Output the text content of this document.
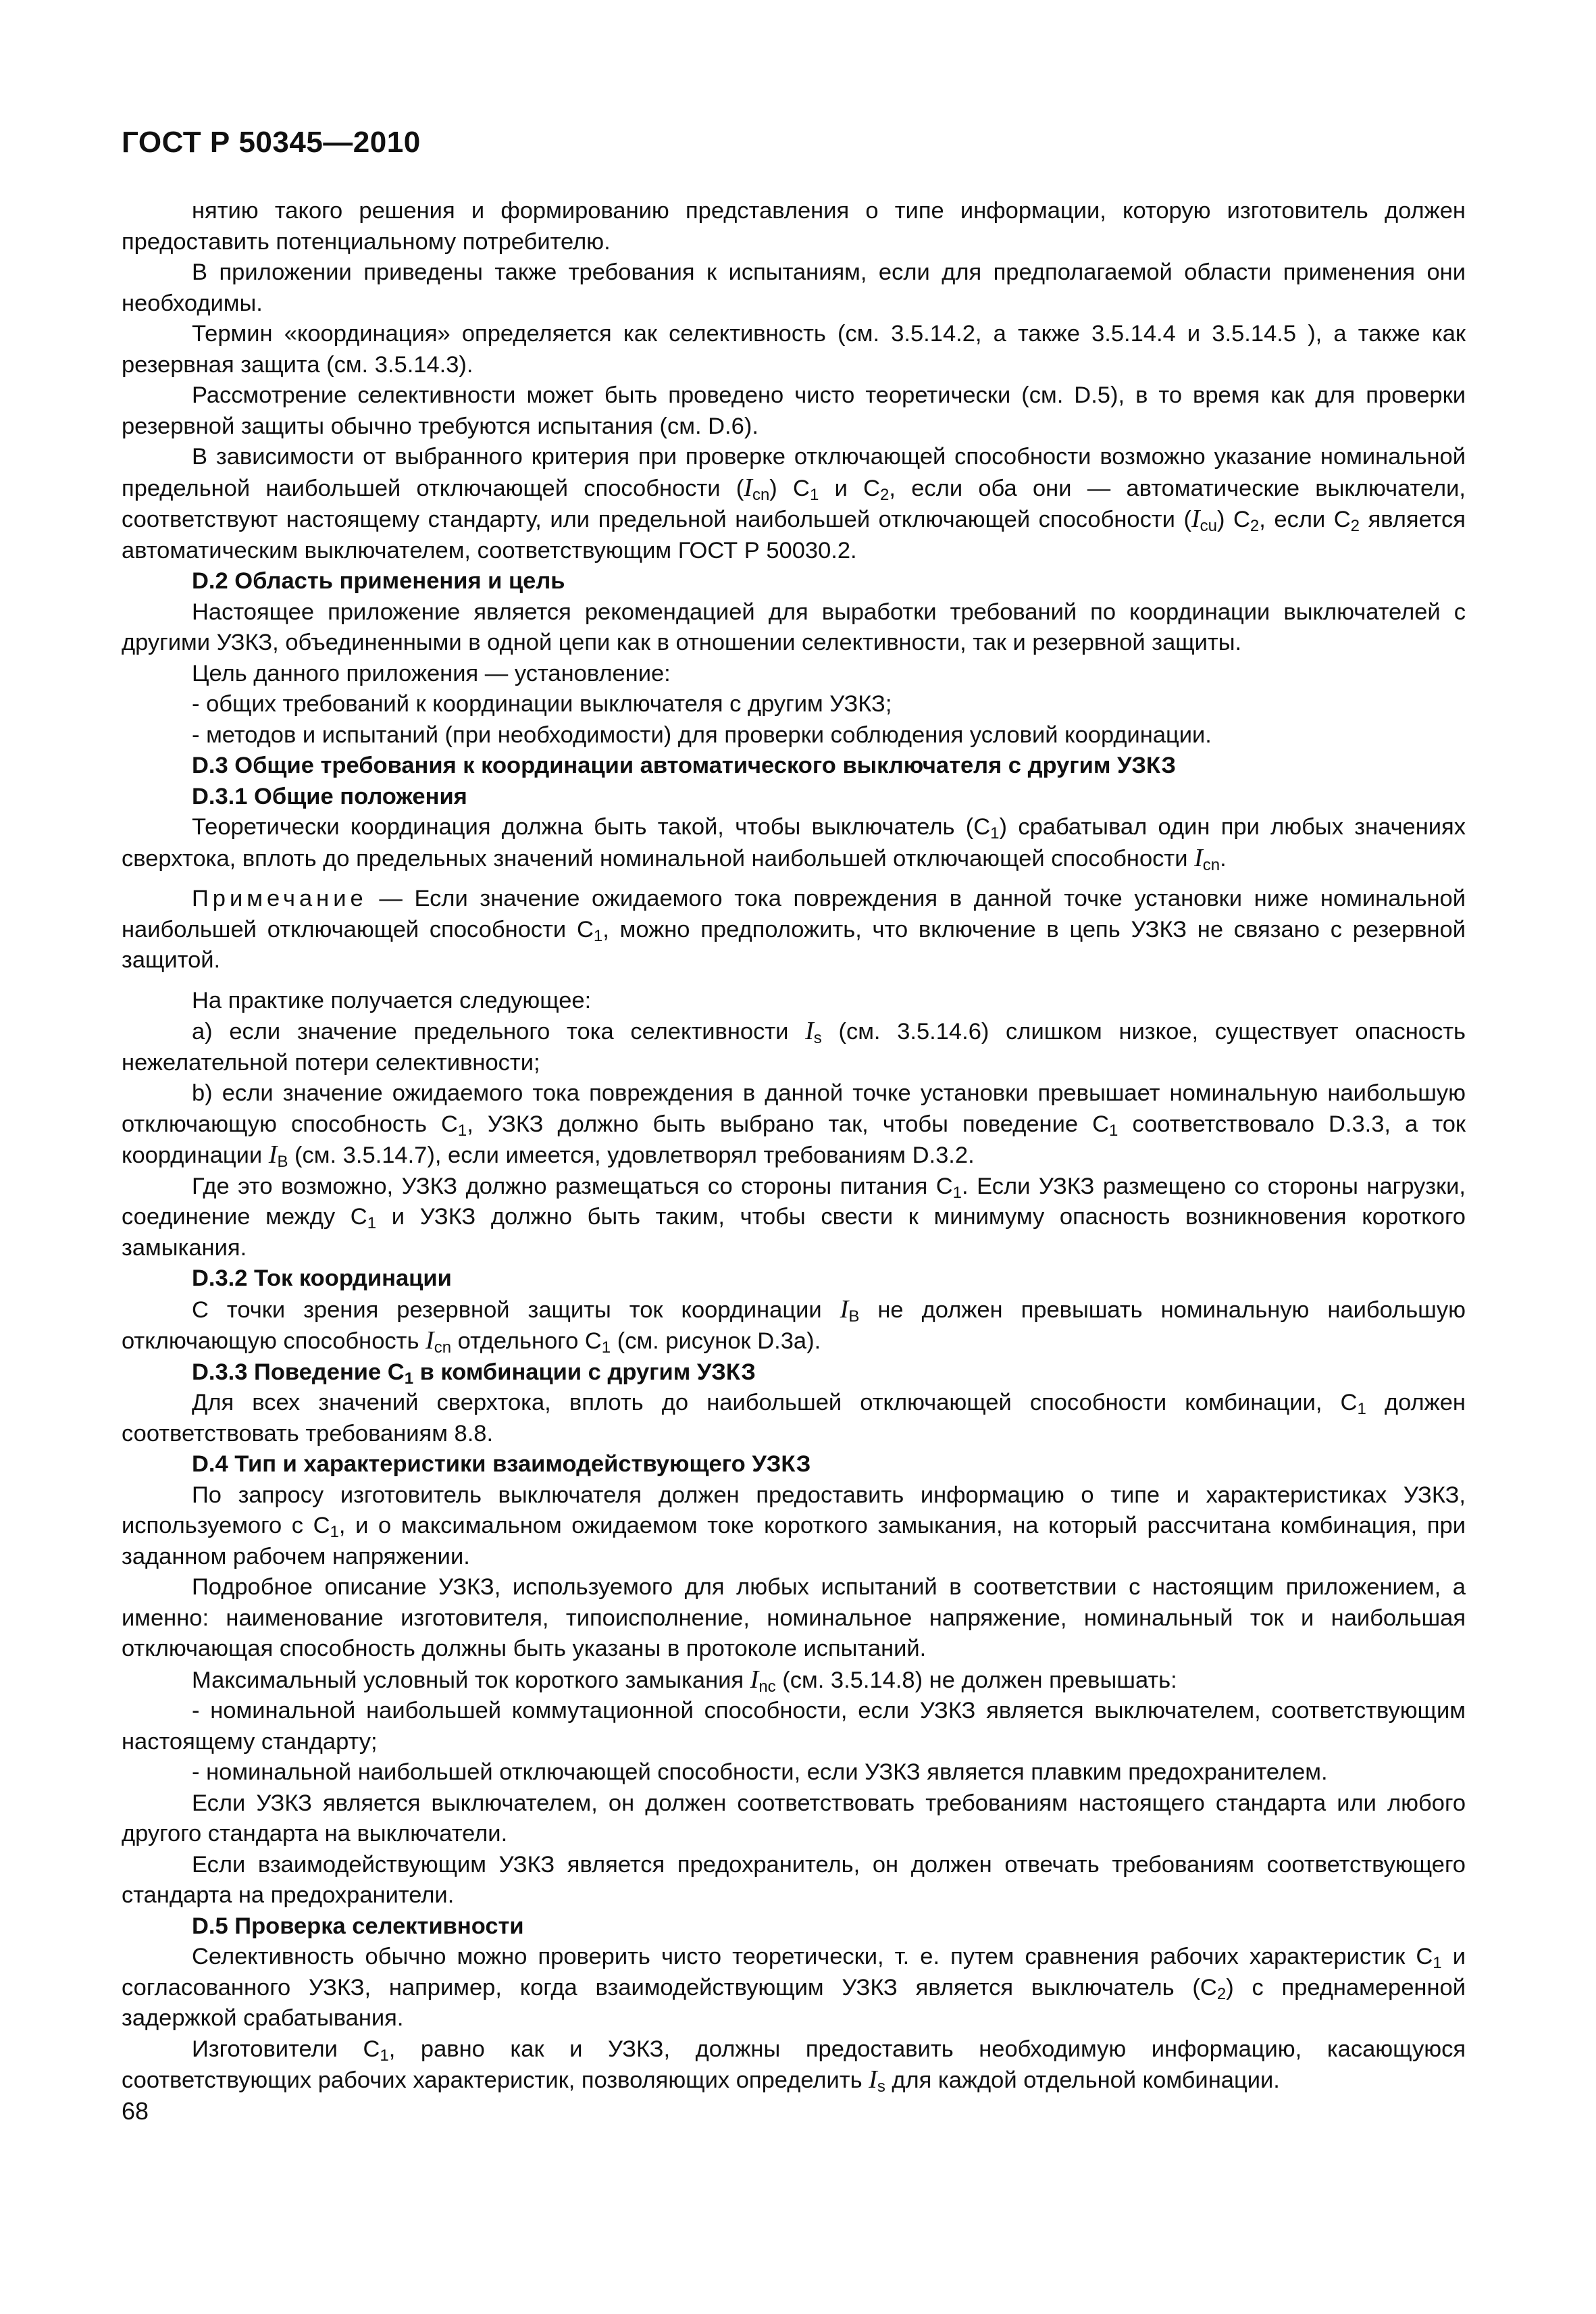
ГОСТ Р 50345—2010

нятию такого решения и формированию представления о типе информации, которую изготовитель должен предоставить потенциальному потребителю.

В приложении приведены также требования к испытаниям, если для предполагаемой области применения они необходимы.

Термин «координация» определяется как селективность (см. 3.5.14.2, а также 3.5.14.4 и 3.5.14.5 ), а также как резервная защита (см. 3.5.14.3).

Рассмотрение селективности может быть проведено чисто теоретически (см. D.5), в то время как для проверки резервной защиты обычно требуются испытания (см. D.6).

В зависимости от выбранного критерия при проверке отключающей способности возможно указание номинальной предельной наибольшей отключающей способности $(I_{cn})$ $C_1$ и $C_2$, если оба они — автоматические выключатели, соответствуют настоящему стандарту, или предельной наибольшей отключающей способности $(I_{cu})$ $C_2$, если $C_2$ является автоматическим выключателем, соответствующим ГОСТ Р 50030.2.

D.2 Область применения и цель

Настоящее приложение является рекомендацией для выработки требований по координации выключателей с другими УЗКЗ, объединенными в одной цепи как в отношении селективности, так и резервной защиты.

Цель данного приложения — установление:

- общих требований к координации выключателя с другим УЗКЗ;

- методов и испытаний (при необходимости) для проверки соблюдения условий координации.

D.3 Общие требования к координации автоматического выключателя с другим УЗКЗ
D.3.1 Общие положения

Теоретически координация должна быть такой, чтобы выключатель $(C_1)$ срабатывал один при любых значениях сверхтока, вплоть до предельных значений номинальной наибольшей отключающей способности $I_{cn}$.

Примечание — Если значение ожидаемого тока повреждения в данной точке установки ниже номинальной наибольшей отключающей способности $C_1$, можно предположить, что включение в цепь УЗКЗ не связано с резервной защитой.

На практике получается следующее:

а) если значение предельного тока селективности $I_s$ (см. 3.5.14.6) слишком низкое, существует опасность нежелательной потери селективности;

b) если значение ожидаемого тока повреждения в данной точке установки превышает номинальную наибольшую отключающую способность $C_1$, УЗКЗ должно быть выбрано так, чтобы поведение $C_1$ соответствовало D.3.3, а ток координации $I_B$ (см. 3.5.14.7), если имеется, удовлетворял требованиям D.3.2.

Где это возможно, УЗКЗ должно размещаться со стороны питания $C_1$. Если УЗКЗ размещено со стороны нагрузки, соединение между $C_1$ и УЗКЗ должно быть таким, чтобы свести к минимуму опасность возникновения короткого замыкания.

D.3.2 Ток координации

С точки зрения резервной защиты ток координации $I_B$ не должен превышать номинальную наибольшую отключающую способность $I_{cn}$ отдельного $C_1$ (см. рисунок D.3a).

D.3.3 Поведение $C_1$ в комбинации с другим УЗКЗ

Для всех значений сверхтока, вплоть до наибольшей отключающей способности комбинации, $C_1$ должен соответствовать требованиям 8.8.

D.4 Тип и характеристики взаимодействующего УЗКЗ

По запросу изготовитель выключателя должен предоставить информацию о типе и характеристиках УЗКЗ, используемого с $C_1$, и о максимальном ожидаемом токе короткого замыкания, на который рассчитана комбинация, при заданном рабочем напряжении.

Подробное описание УЗКЗ, используемого для любых испытаний в соответствии с настоящим приложением, а именно: наименование изготовителя, типоисполнение, номинальное напряжение, номинальный ток и наибольшая отключающая способность должны быть указаны в протоколе испытаний.

Максимальный условный ток короткого замыкания $I_{nc}$ (см. 3.5.14.8) не должен превышать:

- номинальной наибольшей коммутационной способности, если УЗКЗ является выключателем, соответствующим настоящему стандарту;

- номинальной наибольшей отключающей способности, если УЗКЗ является плавким предохранителем.

Если УЗКЗ является выключателем, он должен соответствовать требованиям настоящего стандарта или любого другого стандарта на выключатели.

Если взаимодействующим УЗКЗ является предохранитель, он должен отвечать требованиям соответствующего стандарта на предохранители.

D.5 Проверка селективности

Селективность обычно можно проверить чисто теоретически, т. е. путем сравнения рабочих характеристик $C_1$ и согласованного УЗКЗ, например, когда взаимодействующим УЗКЗ является выключатель $(C_2)$ с преднамеренной задержкой срабатывания.

Изготовители $C_1$, равно как и УЗКЗ, должны предоставить необходимую информацию, касающуюся соответствующих рабочих характеристик, позволяющих определить $I_s$ для каждой отдельной комбинации.

68
